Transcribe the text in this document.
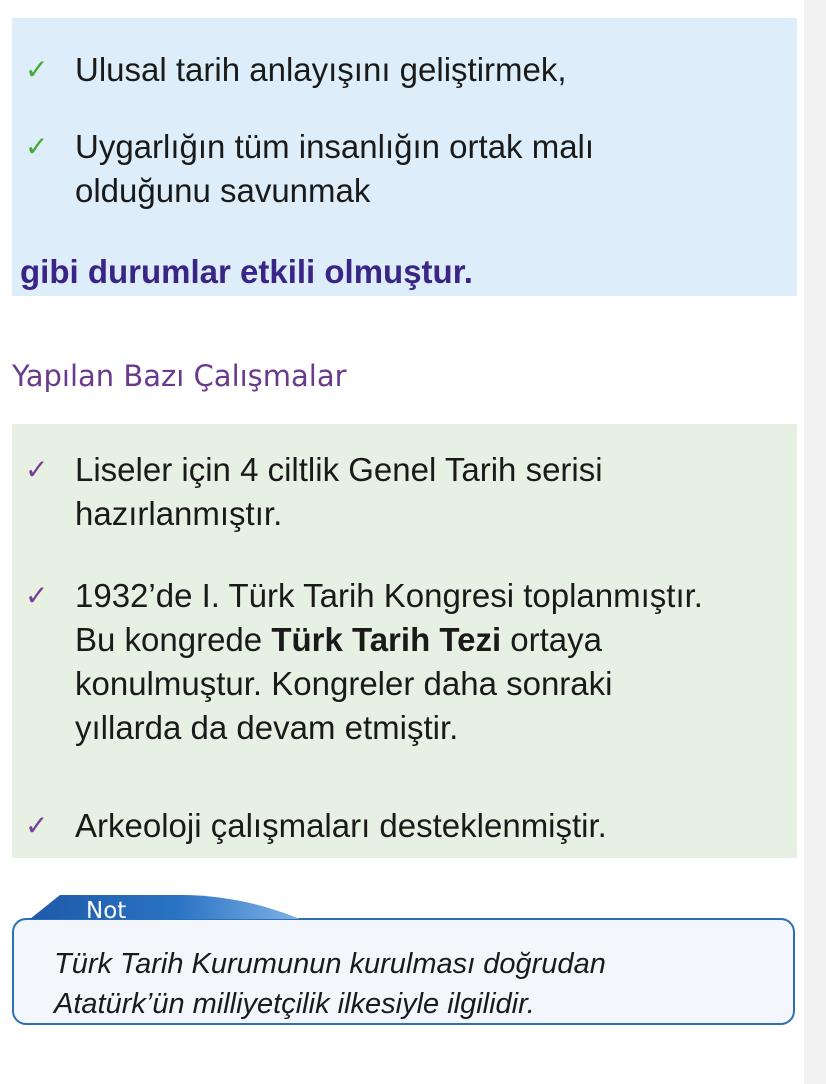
✓ Ulusal tarih anlayışını geliştirmek,
✓ Uygarlığın tüm insanlığın ortak malı
olduğunu savunmak
gibi durumlar etkili olmuştur.
Yapılan Bazı Çalışmalar
✓ Liseler için 4 ciltlik Genel Tarih serisi
hazırlanmıştır.
✓ 1932’de I. Türk Tarih Kongresi toplanmıştır.
Bu kongrede Türk Tarih Tezi ortaya
konulmuştur. Kongreler daha sonraki
yıllarda da devam etmiştir.
✓ Arkeoloji çalışmaları desteklenmiştir.
Türk Tarih Kurumunun kurulması doğrudan
Atatürk’ün milliyetçilik ilkesiyle ilgilidir.
Not
